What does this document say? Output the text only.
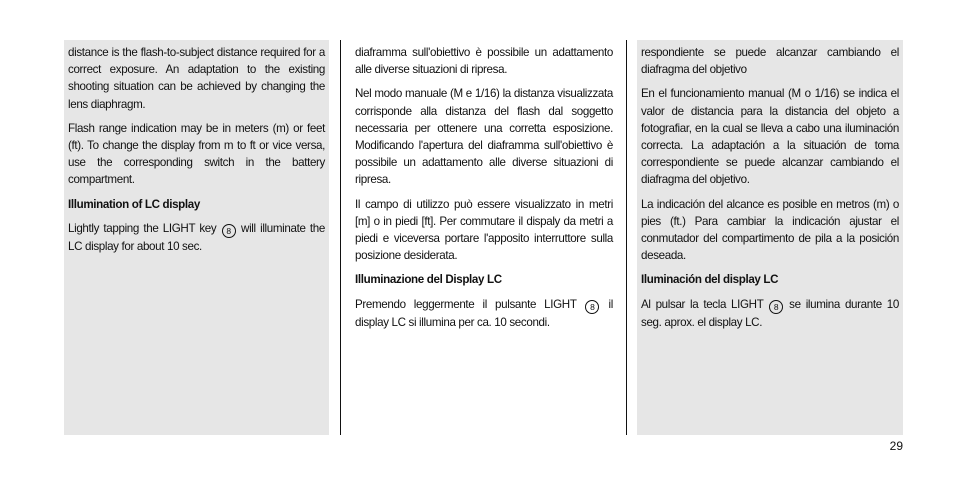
distance is the flash-to-subject distance required for a correct exposure. An adaptation to the existing shooting situation can be achieved by changing the lens diaphragm.

Flash range indication may be in meters (m) or feet (ft). To change the display from m to ft or vice versa, use the corresponding switch in the battery compartment.

Illumination of LC display

Lightly tapping the LIGHT key 8 will illuminate the LC display for about 10 sec.

diaframma sull'obiettivo è possibile un adattamento alle diverse situazioni di ripresa.

Nel modo manuale (M e 1/16) la distanza visualizzata corrisponde alla distanza del flash dal soggetto necessaria per ottenere una corretta esposizione. Modificando l'apertura del diaframma sull'obiettivo è possibile un adattamento alle diverse situazioni di ripresa.

Il campo di utilizzo può essere visualizzato in metri [m] o in piedi [ft]. Per commutare il dispaly da metri a piedi e viceversa portare l'apposito interruttore sulla posizione desiderata.

Illuminazione del Display LC

Premendo leggermente il pulsante LIGHT 8 il display LC si illumina per ca. 10 secondi.

respondiente se puede alcanzar cambiando el diafragma del objetivo

En el funcionamiento manual (M o 1/16) se indica el valor de distancia para la distancia del objeto a fotografiar, en la cual se lleva a cabo una iluminación correcta. La adaptación a la situación de toma correspondiente se puede alcanzar cambiando el diafragma del objetivo.

La indicación del alcance es posible en metros (m) o pies (ft.) Para cambiar la indicación ajustar el conmutador del compartimento de pila a la posición deseada.

Iluminación del display LC

Al pulsar la tecla LIGHT 8 se ilumina durante 10 seg. aprox. el display LC.

29
